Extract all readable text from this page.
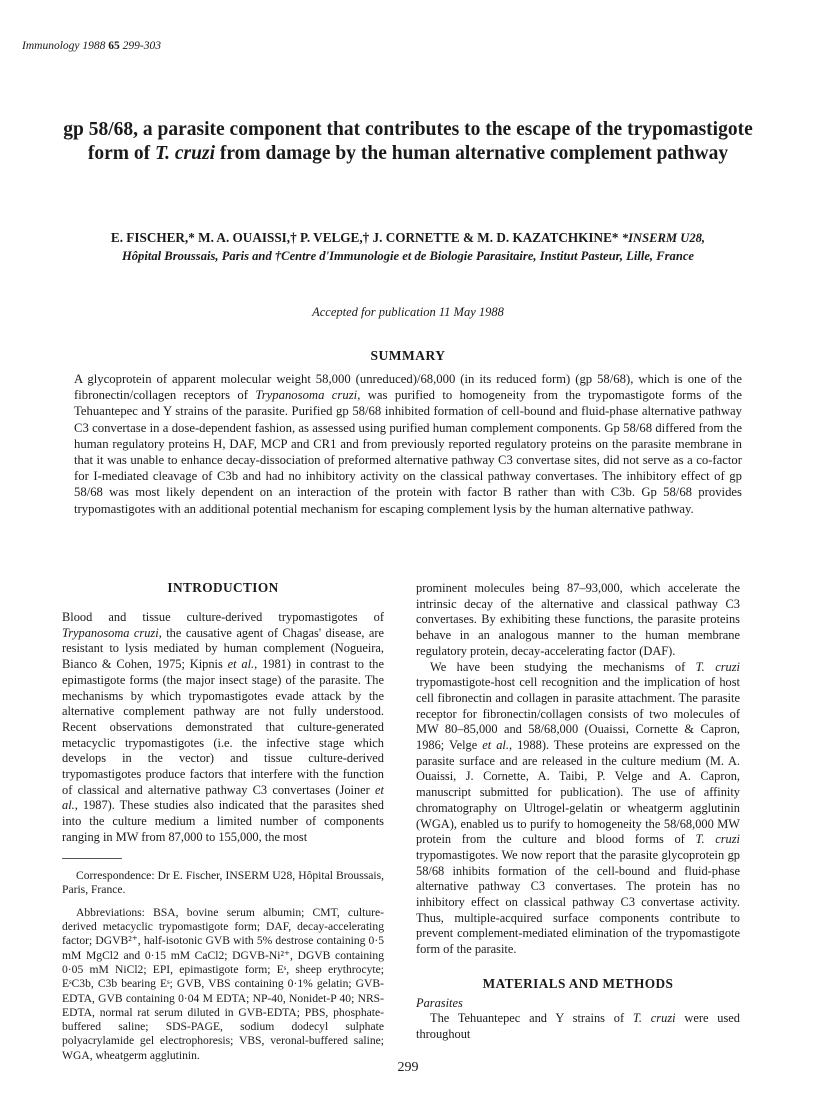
Immunology 1988 65 299-303
gp 58/68, a parasite component that contributes to the escape of the trypomastigote form of T. cruzi from damage by the human alternative complement pathway
E. FISCHER,* M. A. OUAISSI,† P. VELGE,† J. CORNETTE & M. D. KAZATCHKINE* *INSERM U28,
Hôpital Broussais, Paris and †Centre d'Immunologie et de Biologie Parasitaire, Institut Pasteur, Lille, France
Accepted for publication 11 May 1988
SUMMARY
A glycoprotein of apparent molecular weight 58,000 (unreduced)/68,000 (in its reduced form) (gp 58/68), which is one of the fibronectin/collagen receptors of Trypanosoma cruzi, was purified to homogeneity from the trypomastigote forms of the Tehuantepec and Y strains of the parasite. Purified gp 58/68 inhibited formation of cell-bound and fluid-phase alternative pathway C3 convertase in a dose-dependent fashion, as assessed using purified human complement components. Gp 58/68 differed from the human regulatory proteins H, DAF, MCP and CR1 and from previously reported regulatory proteins on the parasite membrane in that it was unable to enhance decay-dissociation of preformed alternative pathway C3 convertase sites, did not serve as a co-factor for I-mediated cleavage of C3b and had no inhibitory activity on the classical pathway convertases. The inhibitory effect of gp 58/68 was most likely dependent on an interaction of the protein with factor B rather than with C3b. Gp 58/68 provides trypomastigotes with an additional potential mechanism for escaping complement lysis by the human alternative pathway.
INTRODUCTION

Blood and tissue culture-derived trypomastigotes of Trypanosoma cruzi, the causative agent of Chagas' disease, are resistant to lysis mediated by human complement (Nogueira, Bianco & Cohen, 1975; Kipnis et al., 1981) in contrast to the epimastigote forms (the major insect stage) of the parasite. The mechanisms by which trypomastigotes evade attack by the alternative complement pathway are not fully understood. Recent observations demonstrated that culture-generated metacyclic trypomastigotes (i.e. the infective stage which develops in the vector) and tissue culture-derived trypomastigotes produce factors that interfere with the function of classical and alternative pathway C3 convertases (Joiner et al., 1987). These studies also indicated that the parasites shed into the culture medium a limited number of components ranging in MW from 87,000 to 155,000, the most

Correspondence: Dr E. Fischer, INSERM U28, Hôpital Broussais, Paris, France.

Abbreviations: BSA, bovine serum albumin; CMT, culture-derived metacyclic trypomastigote form; DAF, decay-accelerating factor; DGVB²⁺, half-isotonic GVB with 5% destrose containing 0·5 mM MgCl2 and 0·15 mM CaCl2; DGVB-Ni²⁺, DGVB containing 0·05 mM NiCl2; EPI, epimastigote form; Eˢ, sheep erythrocyte; EˢC3b, C3b bearing Eˢ; GVB, VBS containing 0·1% gelatin; GVB-EDTA, GVB containing 0·04 M EDTA; NP-40, Nonidet-P 40; NRS-EDTA, normal rat serum diluted in GVB-EDTA; PBS, phosphate-buffered saline; SDS-PAGE, sodium dodecyl sulphate polyacrylamide gel electrophoresis; VBS, veronal-buffered saline; WGA, wheatgerm agglutinin.

prominent molecules being 87–93,000, which accelerate the intrinsic decay of the alternative and classical pathway C3 convertases. By exhibiting these functions, the parasite proteins behave in an analogous manner to the human membrane regulatory protein, decay-accelerating factor (DAF).

We have been studying the mechanisms of T. cruzi trypomastigote-host cell recognition and the implication of host cell fibronectin and collagen in parasite attachment. The parasite receptor for fibronectin/collagen consists of two molecules of MW 80–85,000 and 58/68,000 (Ouaissi, Cornette & Capron, 1986; Velge et al., 1988). These proteins are expressed on the parasite surface and are released in the culture medium (M. A. Ouaissi, J. Cornette, A. Taibi, P. Velge and A. Capron, manuscript submitted for publication). The use of affinity chromatography on Ultrogel-gelatin or wheatgerm agglutinin (WGA), enabled us to purify to homogeneity the 58/68,000 MW protein from the culture and blood forms of T. cruzi trypomastigotes. We now report that the parasite glycoprotein gp 58/68 inhibits formation of the cell-bound and fluid-phase alternative pathway C3 convertases. The protein has no inhibitory effect on classical pathway C3 convertase activity. Thus, multiple-acquired surface components contribute to prevent complement-mediated elimination of the trypomastigote form of the parasite.

MATERIALS AND METHODS

Parasites

The Tehuantepec and Y strains of T. cruzi were used throughout

299
